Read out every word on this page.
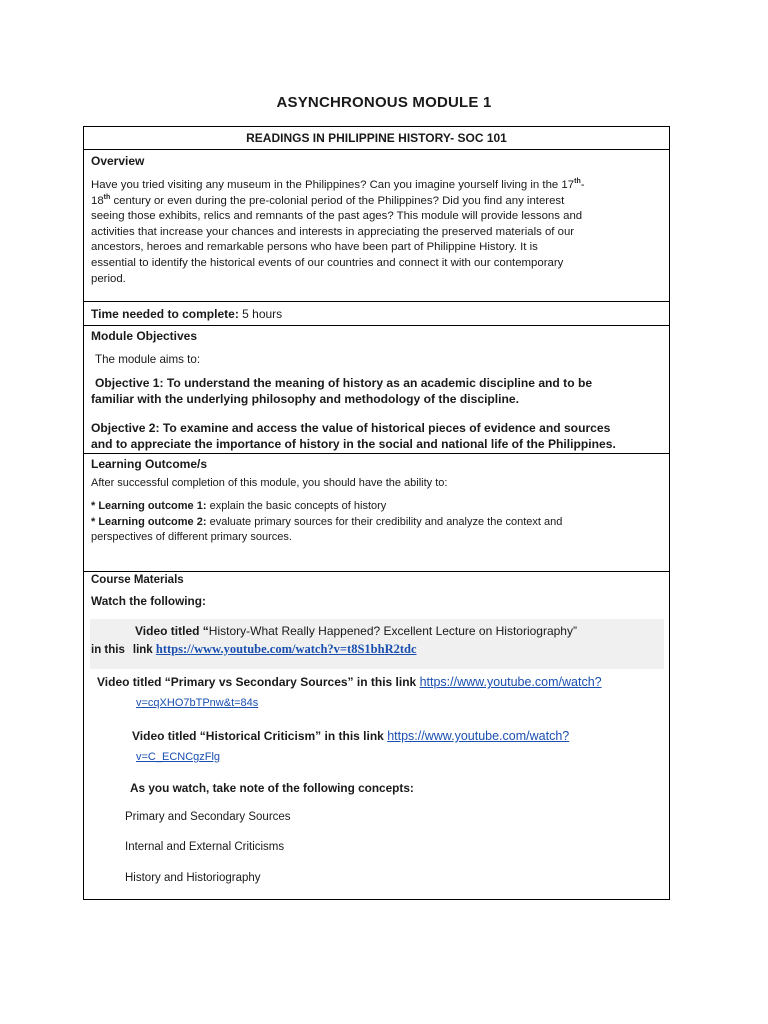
ASYNCHRONOUS MODULE 1

READINGS IN PHILIPPINE HISTORY- SOC 101

Overview

Have you tried visiting any museum in the Philippines? Can you imagine yourself living in the 17th-
18th century or even during the pre-colonial period of the Philippines? Did you find any interest
seeing those exhibits, relics and remnants of the past ages? This module will provide lessons and
activities that increase your chances and interests in appreciating the preserved materials of our
ancestors, heroes and remarkable persons who have been part of Philippine History. It is
essential to identify the historical events of our countries and connect it with our contemporary
period.

Time needed to complete: 5 hours

Module Objectives

The module aims to:

Objective 1: To understand the meaning of history as an academic discipline and to be
familiar with the underlying philosophy and methodology of the discipline.
Objective 2: To examine and access the value of historical pieces of evidence and sources
and to appreciate the importance of history in the social and national life of the Philippines.

Learning Outcome/s

After successful completion of this module, you should have the ability to:

* Learning outcome 1: explain the basic concepts of history
* Learning outcome 2: evaluate primary sources for their credibility and analyze the context and
perspectives of different primary sources.

Course Materials

Watch the following:

Video titled “History-What Really Happened? Excellent Lecture on Historiography”

in this link https://www.youtube.com/watch?v=t8S1bhR2tdc

Video titled “Primary vs Secondary Sources” in this link https://www.youtube.com/watch?

v=cqXHO7bTPnw&t=84s

Video titled “Historical Criticism” in this link https://www.youtube.com/watch?

v=C_ECNCgzFlg

As you watch, take note of the following concepts:

Primary and Secondary Sources

Internal and External Criticisms

History and Historiography
